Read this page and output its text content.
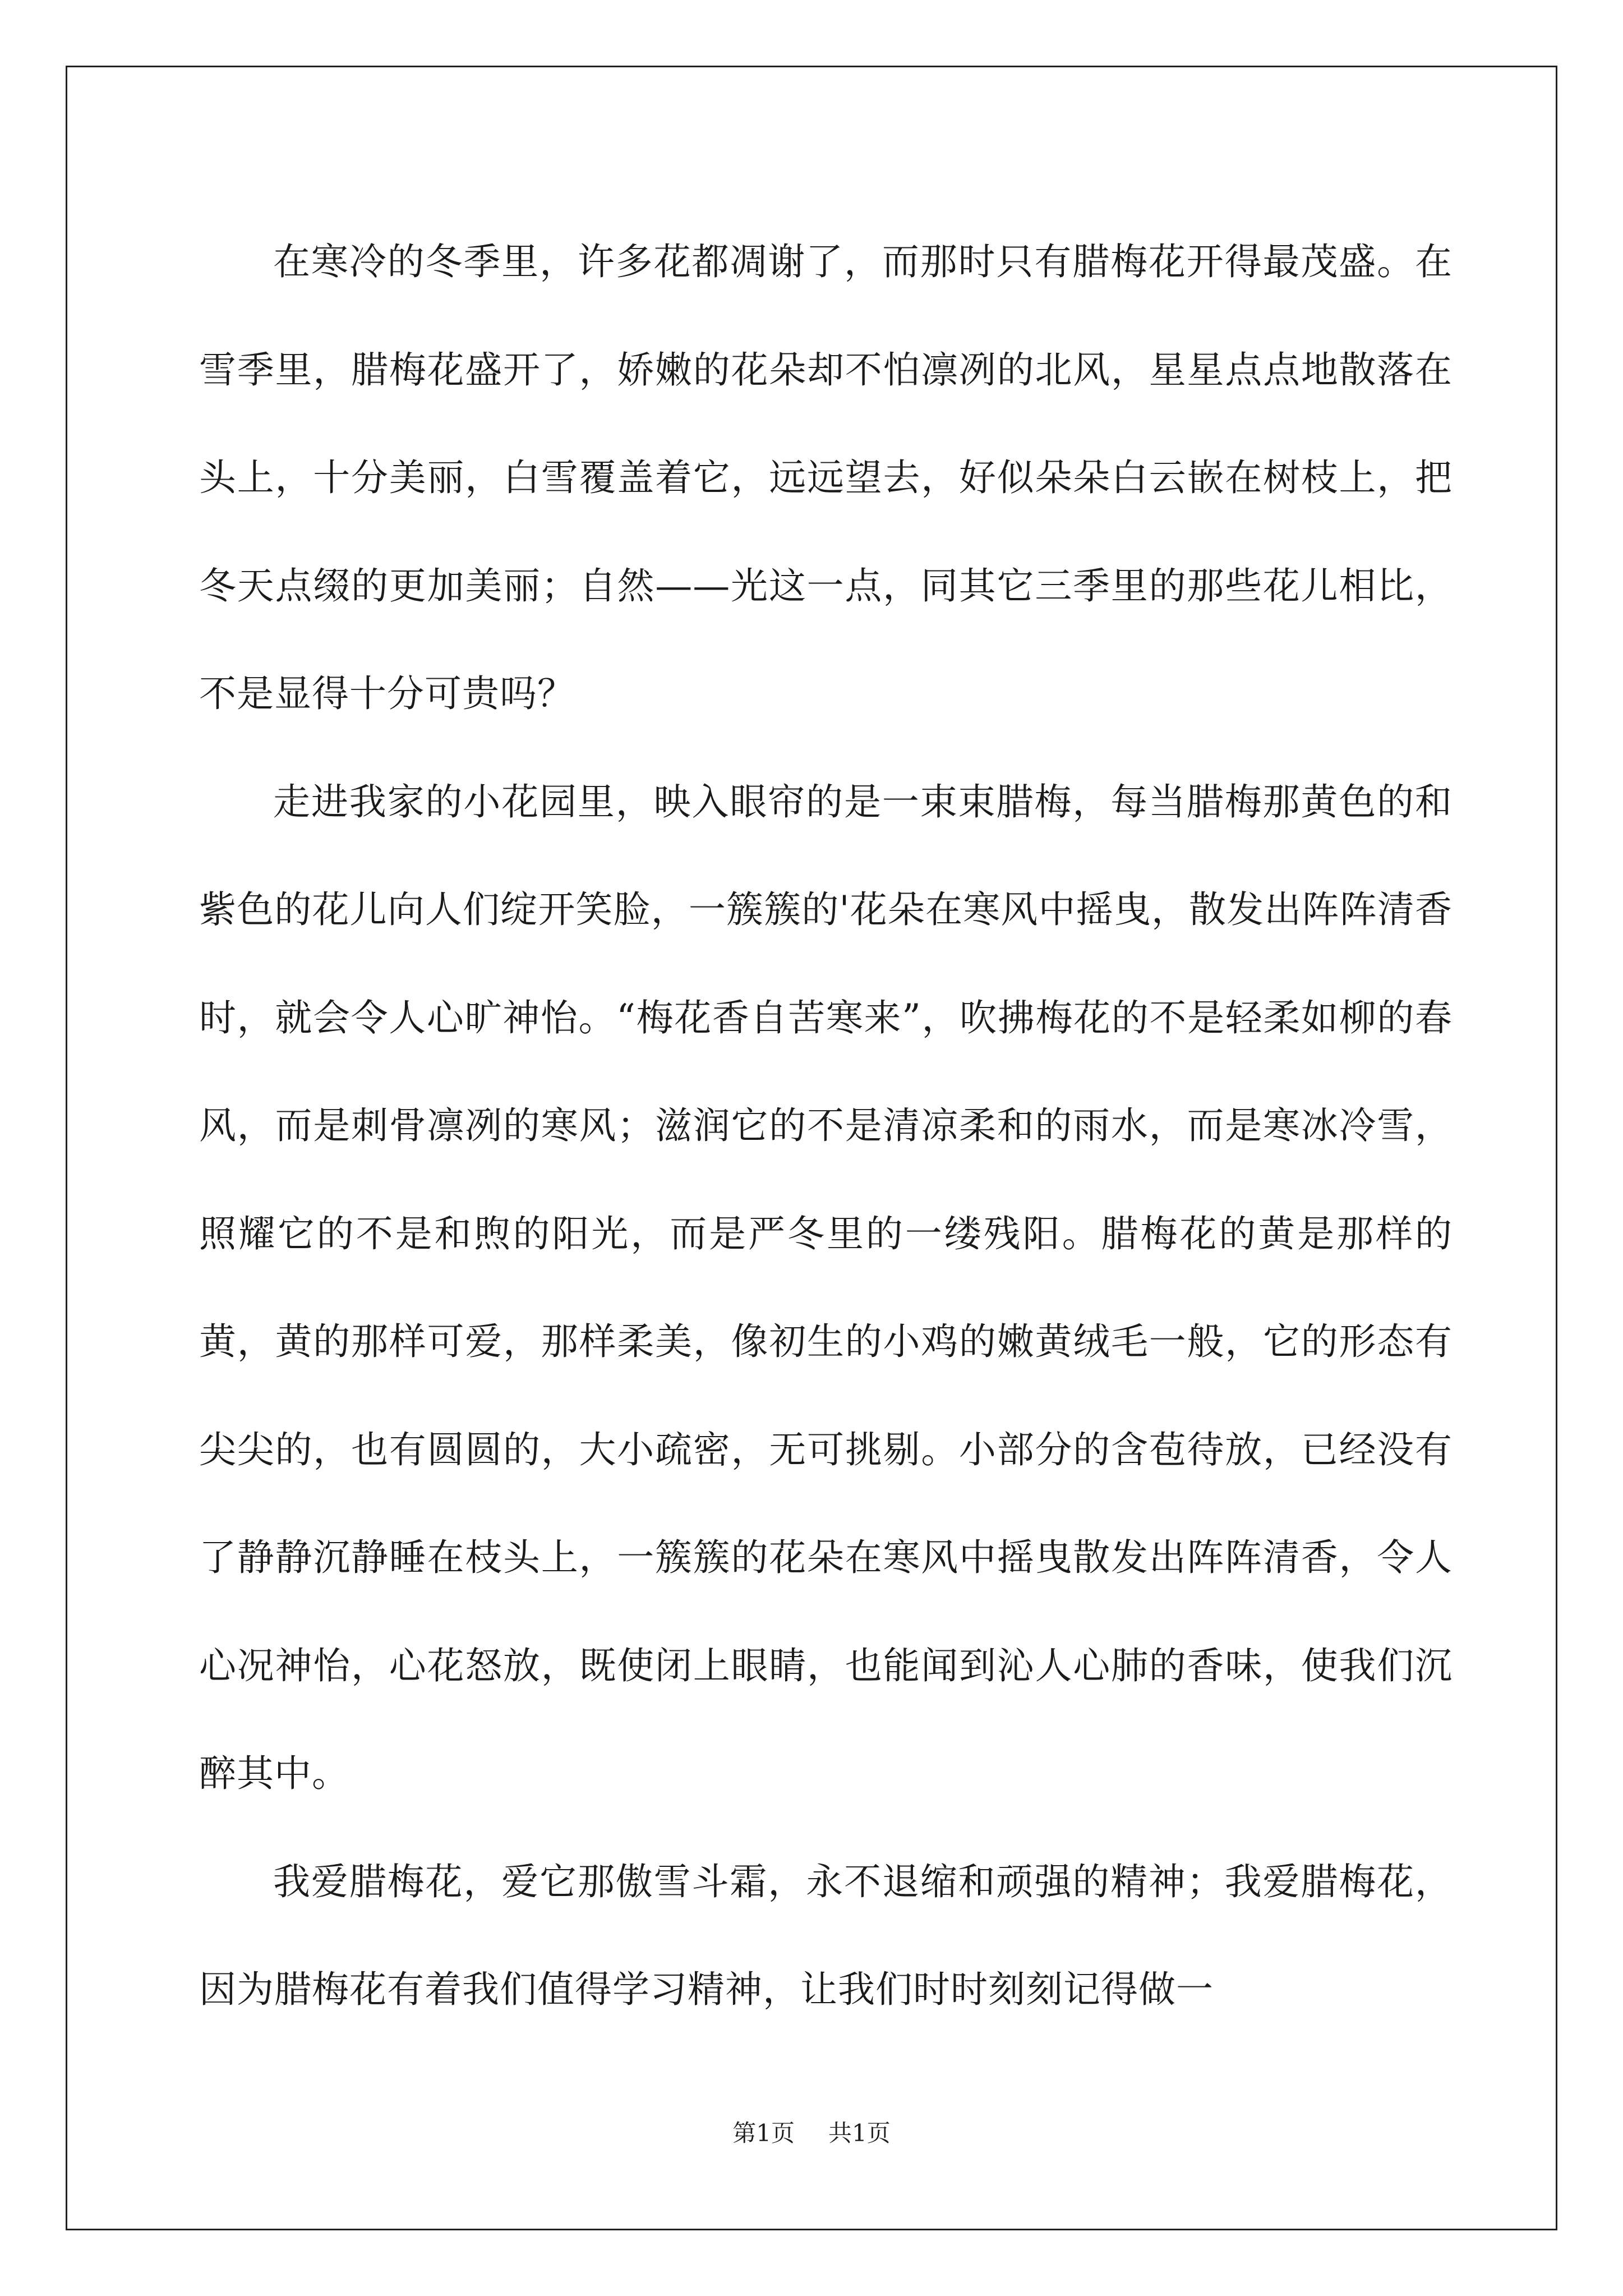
在寒冷的冬季里，许多花都凋谢了，而那时只有腊梅花开得最茂盛。在雪季里，腊梅花盛开了，娇嫩的花朵却不怕凛冽的北风，星星点点地散落在头上，十分美丽，白雪覆盖着它，远远望去，好似朵朵白云嵌在树枝上，把冬天点缀的更加美丽；自然——光这一点，同其它三季里的那些花儿相比，不是显得十分可贵吗？

走进我家的小花园里，映入眼帘的是一束束腊梅，每当腊梅那黄色的和紫色的花儿向人们绽开笑脸，一簇簇的'花朵在寒风中摇曳，散发出阵阵清香时，就会令人心旷神怡。“梅花香自苦寒来”，吹拂梅花的不是轻柔如柳的春风，而是刺骨凛冽的寒风；滋润它的不是清凉柔和的雨水，而是寒冰冷雪，照耀它的不是和煦的阳光，而是严冬里的一缕残阳。腊梅花的黄是那样的黄，黄的那样可爱，那样柔美，像初生的小鸡的嫩黄绒毛一般，它的形态有尖尖的，也有圆圆的，大小疏密，无可挑剔。小部分的含苞待放，已经没有了静静沉静睡在枝头上，一簇簇的花朵在寒风中摇曳散发出阵阵清香，令人心况神怡，心花怒放，既使闭上眼睛，也能闻到沁人心肺的香味，使我们沉醉其中。

我爱腊梅花，爱它那傲雪斗霜，永不退缩和顽强的精神；我爱腊梅花，因为腊梅花有着我们值得学习精神，让我们时时刻刻记得做一

第1页 共1页
